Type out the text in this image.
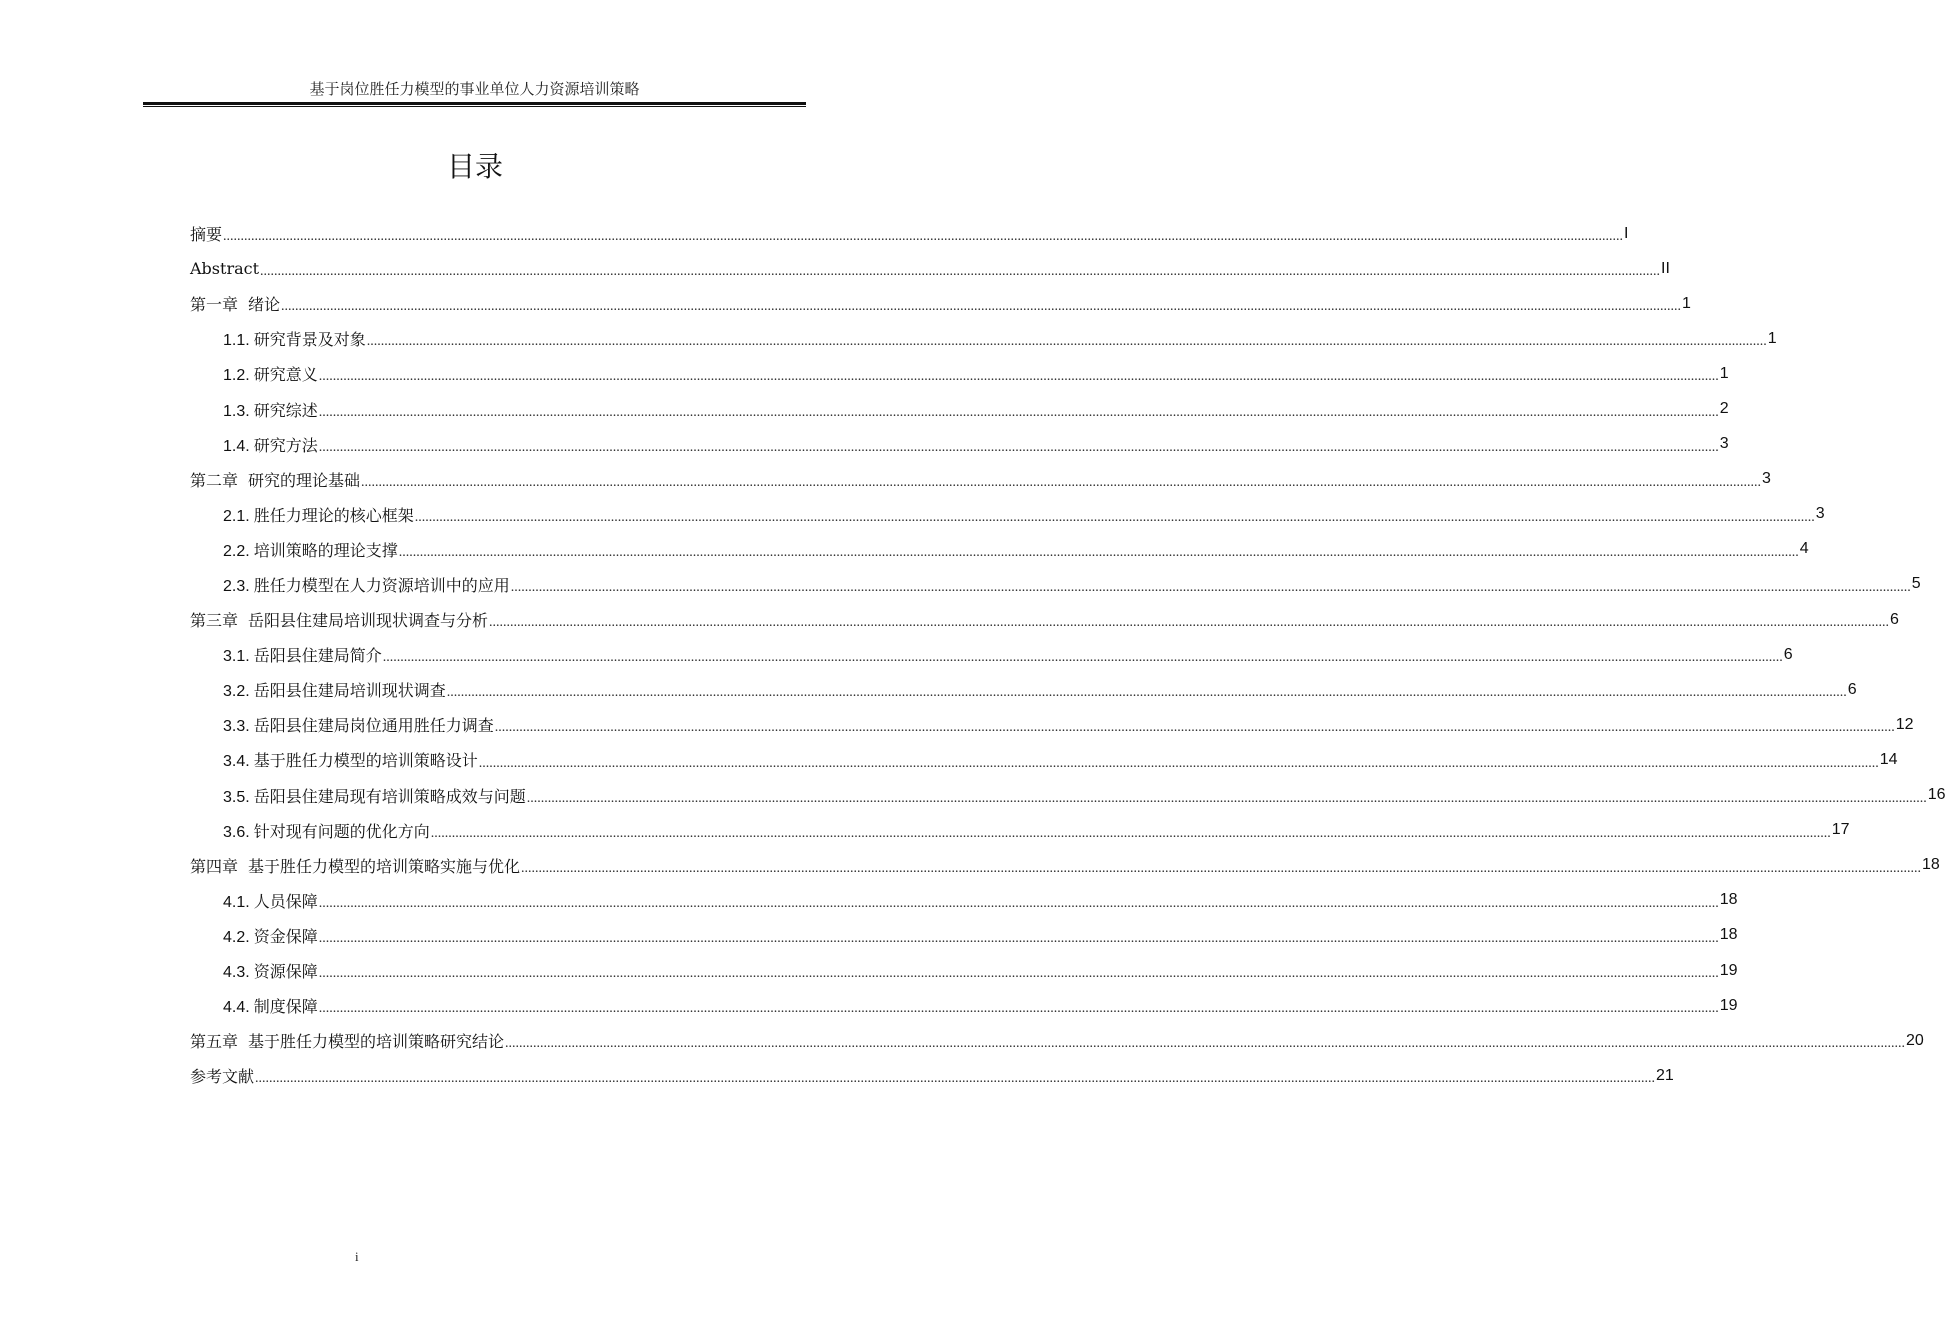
基于岗位胜任力模型的事业单位人力资源培训策略
目录
摘要 ................................................................................................................................................................................................................................................................................................................................................................................................................ I
Abstract ................................................................................................................................................................................................................................................................................................................................................................................................................ II
第一章 绪论 ................................................................................................................................................................................................................................................................................................................................................................................................................ 1
1.1. 研究背景及对象 ................................................................................................................................................................................................................................................................................................................................................................................................................ 1
1.2. 研究意义 ................................................................................................................................................................................................................................................................................................................................................................................................................ 1
1.3. 研究综述 ................................................................................................................................................................................................................................................................................................................................................................................................................ 2
1.4. 研究方法 ................................................................................................................................................................................................................................................................................................................................................................................................................ 3
第二章 研究的理论基础 ................................................................................................................................................................................................................................................................................................................................................................................................................ 3
2.1. 胜任力理论的核心框架 ................................................................................................................................................................................................................................................................................................................................................................................................................ 3
2.2. 培训策略的理论支撑 ................................................................................................................................................................................................................................................................................................................................................................................................................ 4
2.3. 胜任力模型在人力资源培训中的应用 ................................................................................................................................................................................................................................................................................................................................................................................................................ 5
第三章 岳阳县住建局培训现状调查与分析 ................................................................................................................................................................................................................................................................................................................................................................................................................ 6
3.1. 岳阳县住建局简介 ................................................................................................................................................................................................................................................................................................................................................................................................................ 6
3.2. 岳阳县住建局培训现状调查 ................................................................................................................................................................................................................................................................................................................................................................................................................ 6
3.3. 岳阳县住建局岗位通用胜任力调查 ................................................................................................................................................................................................................................................................................................................................................................................................................ 12
3.4. 基于胜任力模型的培训策略设计 ................................................................................................................................................................................................................................................................................................................................................................................................................ 14
3.5. 岳阳县住建局现有培训策略成效与问题 ................................................................................................................................................................................................................................................................................................................................................................................................................ 16
3.6. 针对现有问题的优化方向 ................................................................................................................................................................................................................................................................................................................................................................................................................ 17
第四章 基于胜任力模型的培训策略实施与优化 ................................................................................................................................................................................................................................................................................................................................................................................................................ 18
4.1. 人员保障 ................................................................................................................................................................................................................................................................................................................................................................................................................ 18
4.2. 资金保障 ................................................................................................................................................................................................................................................................................................................................................................................................................ 18
4.3. 资源保障 ................................................................................................................................................................................................................................................................................................................................................................................................................ 19
4.4. 制度保障 ................................................................................................................................................................................................................................................................................................................................................................................................................ 19
第五章 基于胜任力模型的培训策略研究结论 ................................................................................................................................................................................................................................................................................................................................................................................................................ 20
参考文献 ................................................................................................................................................................................................................................................................................................................................................................................................................ 21
i
